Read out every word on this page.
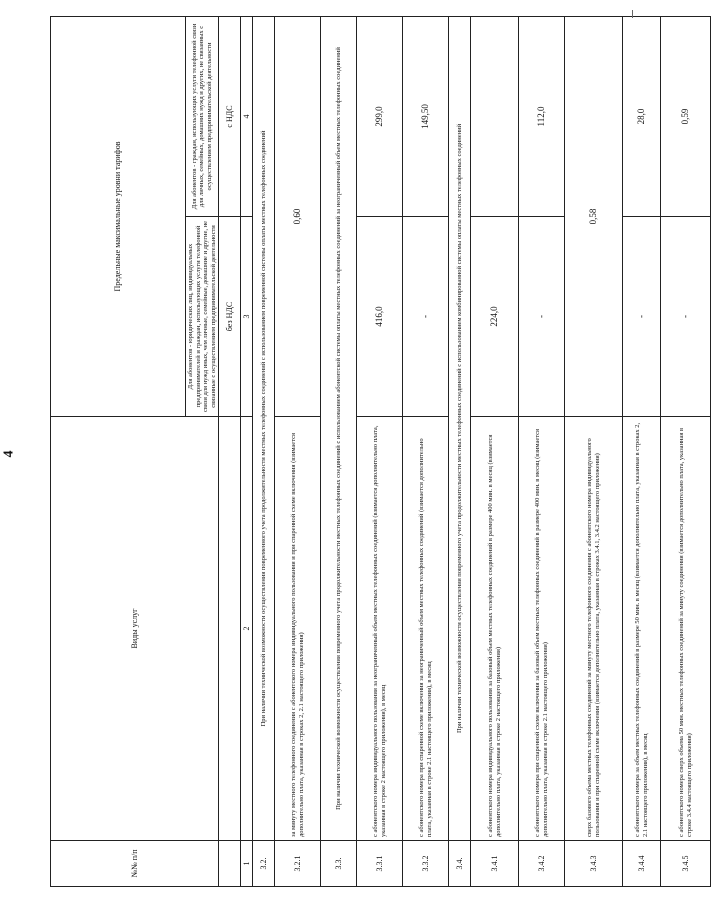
4
№№ п/п	Виды услуг	Предельные максимальные уровни тарифов	

		Для абонентов - юридических лиц, индивидуальных предпринимателей и граждан, использующих услуги телефонной связи для нужд иных, чем личные, семейные, домашние и другие, не связанные с осуществлением предпринимательской деятельности	Для абонентов - граждан, использующих услуги телефонной связи для личных, семейных, домашних нужд и других, не связанных с осуществлением предпринимательской деятельности

		без НДС	с НДС
1	2	3	4
3.2.	При наличии технической возможности осуществления повременного учета продолжительности местных телефонных соединений с использованием повременной системы оплаты местных телефонных соединений		
3.2.1	за минуту местного телефонного соединения с абонентского номера индивидуального пользования и при спаренной схеме включения (взимается дополнительно плата, указанная в строках 2, 2.1 настоящего приложения)	0,60	
3.3.	При наличии технической возможности осуществления повременного учета продолжительности местных телефонных соединений с использованием абонентской системы оплаты местных телефонных соединений за неограниченный объем местных телефонных соединений		
3.3.1	с абонентского номера индивидуального пользования за неограниченный объем местных телефонных соединений (взимается дополнительно плата, указанная в строке 2 настоящего приложения), в месяц	416,0	299,0
3.3.2	с абонентского номера при спаренной схеме включения за неограниченный объем местных телефонных соединений (взимается дополнительно плата, указанная в строке 2.1 настоящего приложения), в месяц	-	149,50
3.4.	При наличии технической возможности осуществления повременного учета продолжительности местных телефонных соединений с использованием комбинированной системы оплаты местных телефонных соединений		
3.4.1	с абонентского номера индивидуального пользования за базовый объем местных телефонных соединений в размере 400 мин. в месяц (взимается дополнительно плата, указанная в строке 2 настоящего приложения)	224,0	
3.4.2	с абонентского номера при спаренной схеме включения за базовый объем местных телефонных соединений в размере 400 мин. в месяц (взимается дополнительно плата, указанная в строке 2.1 настоящего приложения)	-	112,0
3.4.3	сверх базового объема местных телефонных соединений за минуту местного телефонного соединения с абонентского номера индивидуального пользования и при спаренной схеме включения (взимается дополнительно плата, указанная в строках 3.4.1, 3.4.2 настоящего приложения)	0,58	
3.4.4	с абонентского номера за объем местных телефонных соединений в размере 50 мин. в месяц (взимается дополнительно плата, указанная в строках 2, 2.1 настоящего приложения), в месяц	-	28,0
3.4.5	с абонентского номера сверх объема 50 мин. местных телефонных соединений за минуту соединения (взимается дополнительно плата, указанная в строке 3.4.4 настоящего приложения)	-	0,59
